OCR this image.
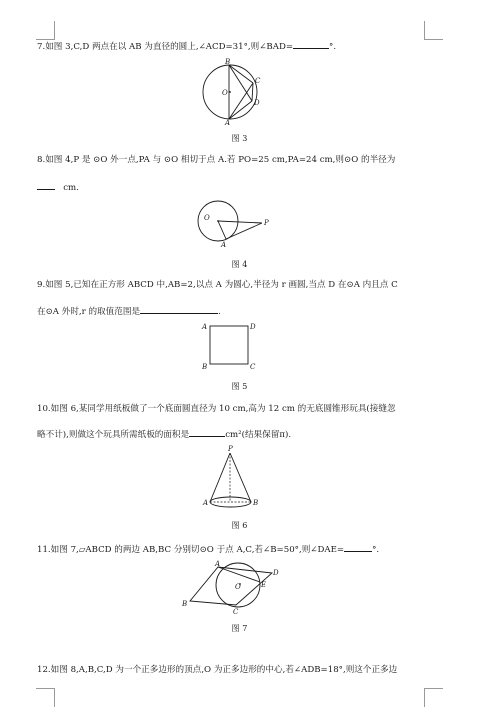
7.如图 3,C,D 两点在以 AB 为直径的圆上,∠ACD=31°,则∠BAD=	°.
B
C
D
A
O
图 3
8.如图 4,P 是 ⊙O 外一点,PA 与 ⊙O 相切于点 A.若 PO=25 cm,PA=24 cm,则⊙O 的半径为
cm.
O
P
A
图 4
9.如图 5,已知在正方形 ABCD 中,AB=2,以点 A 为圆心,半径为 r 画圆,当点 D 在⊙A 内且点 C
在⊙A 外时,r 的取值范围是	.
A	D
B	C
图 5
10.如图 6,某同学用纸板做了一个底面圆直径为 10 cm,高为 12 cm 的无底圆锥形玩具(接缝忽
略不计),则做这个玩具所需纸板的面积是	cm²(结果保留π).
P
A	B
图 6
11.如图 7,▱ABCD 的两边 AB,BC 分别切⊙O 于点 A,C,若∠B=50°,则∠DAE=	°.
A
D
E
O
B
C
图 7
12.如图 8,A,B,C,D 为一个正多边形的顶点,O 为正多边形的中心,若∠ADB=18°,则这个正多边
